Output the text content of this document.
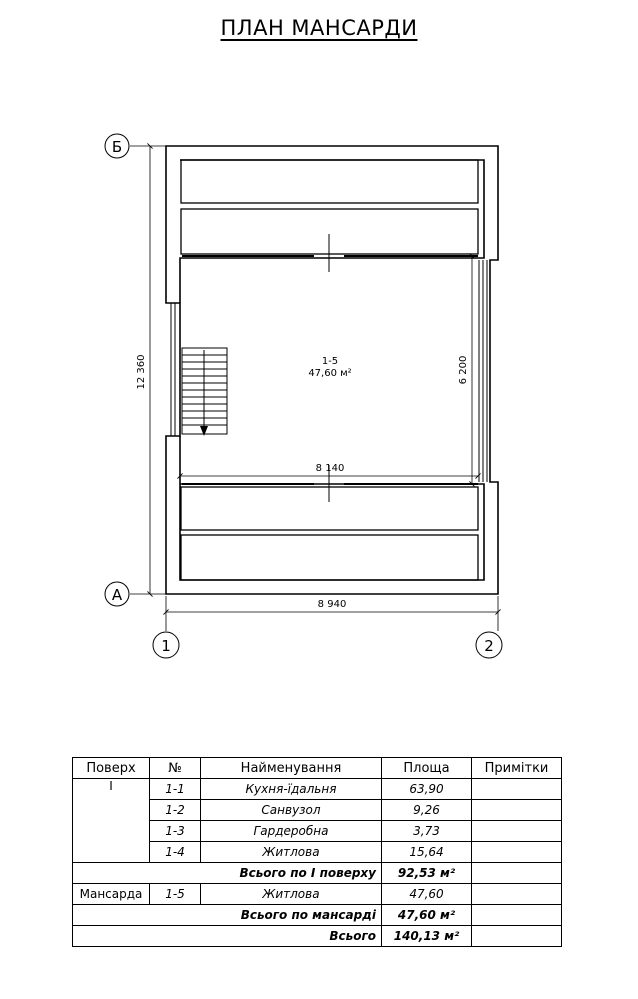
ПЛАН МАНСАРДИ
1-5
47,60 м²	6 200
8 140
12 360
8 940
Б
А
1	2
Поверх	№	Найменування	Площа	Примітки
І	1-1	Кухня-їдальня	63,90	
	1-2	Санвузол	9,26	
	1-3	Гардеробна	3,73	
	1-4	Житлова	15,64	
Всього по І поверху			92,53 м²	
Мансарда	1-5	Житлова	47,60	
Всього по мансарді			47,60 м²	
Всього			140,13 м²	
